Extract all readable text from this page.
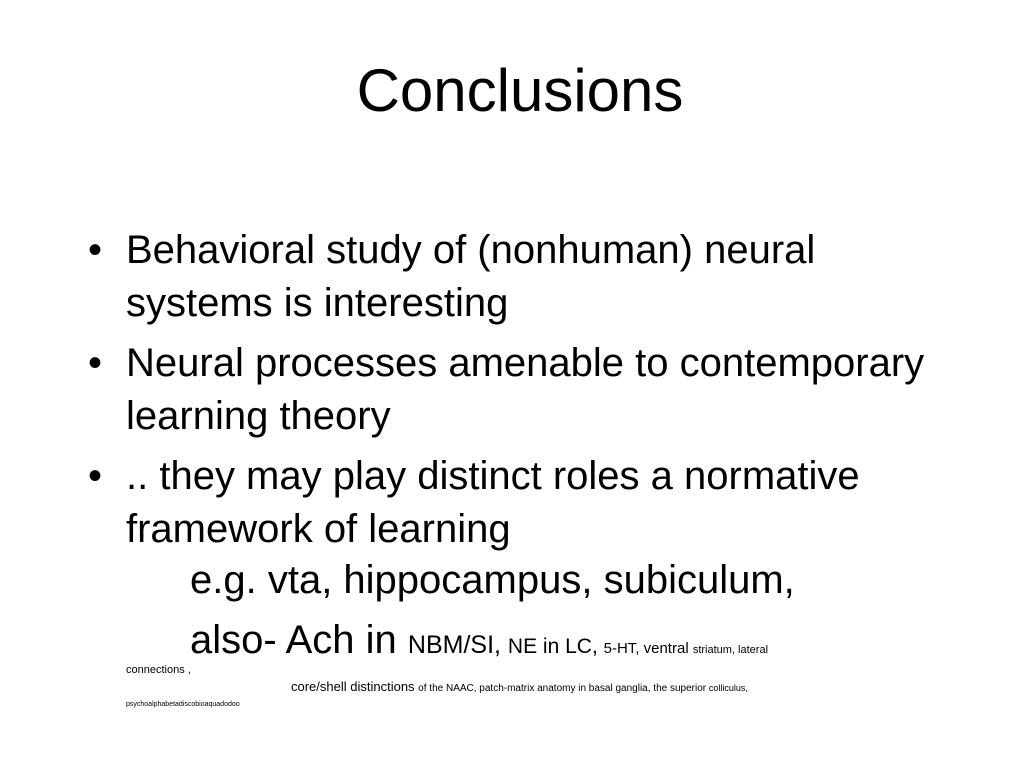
Conclusions
• Behavioral study of (nonhuman) neural systems is interesting
• Neural processes amenable to contemporary learning theory
• .. they may play distinct roles a normative framework of learning
e.g. vta, hippocampus, subiculum,
also- Ach in NBM/SI, NE in LC, 5-HT, ventral striatum, lateral
connections ,
core/shell distinctions of the NAAC, patch-matrix anatomy in basal ganglia, the superior colliculus,
psychoalphabetadiscobioaquadodoo
